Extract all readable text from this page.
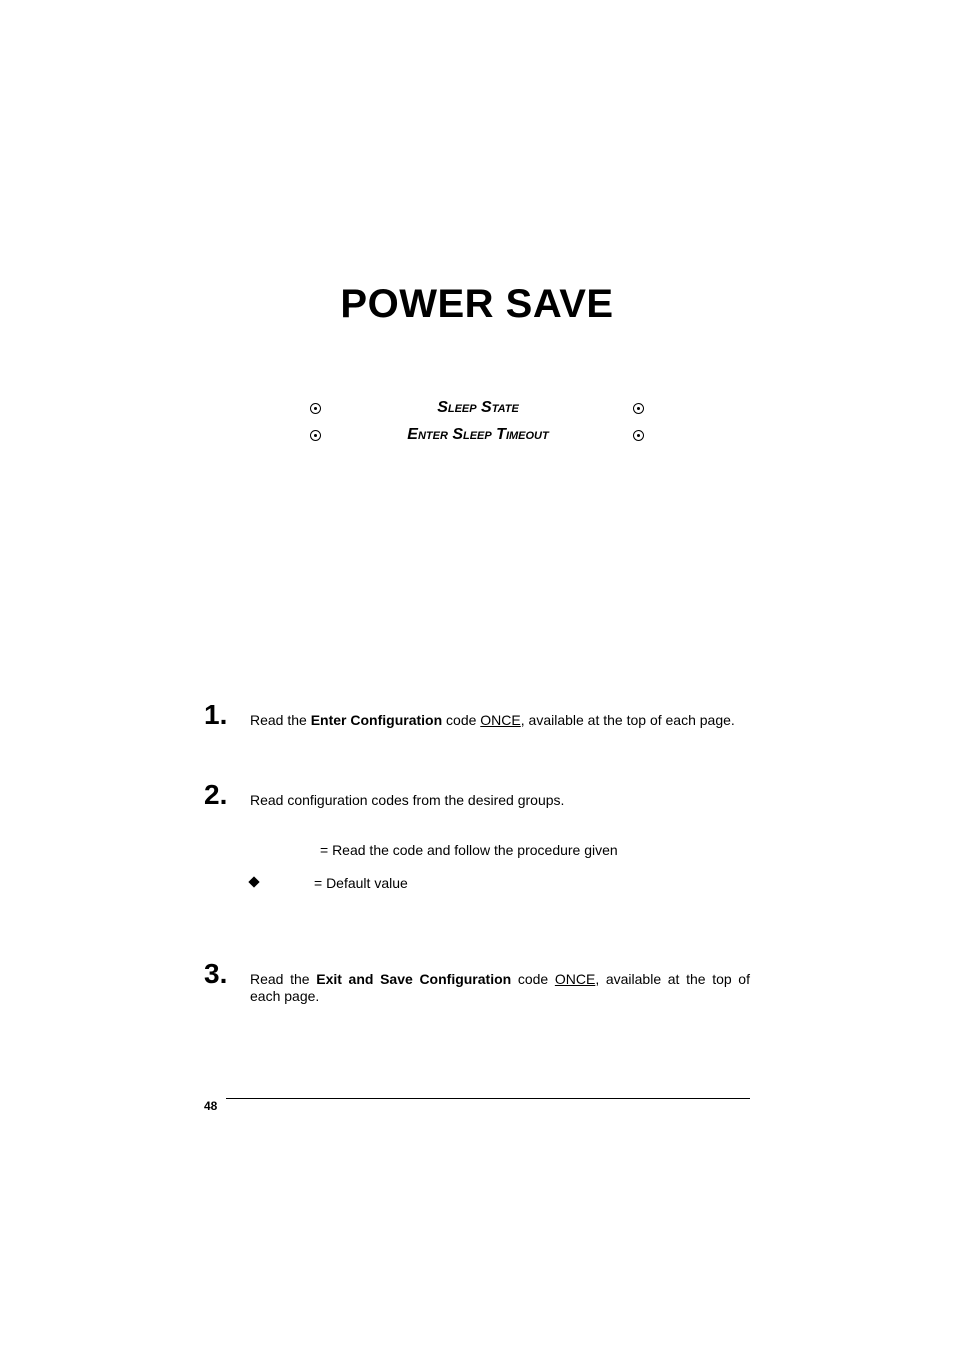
POWER SAVE
Sleep State
Enter Sleep Timeout
1. Read the Enter Configuration code ONCE, available at the top of each page.
2. Read configuration codes from the desired groups.
= Read the code and follow the procedure given
= Default value
3. Read the Exit and Save Configuration code ONCE, available at the top of each page.
48
